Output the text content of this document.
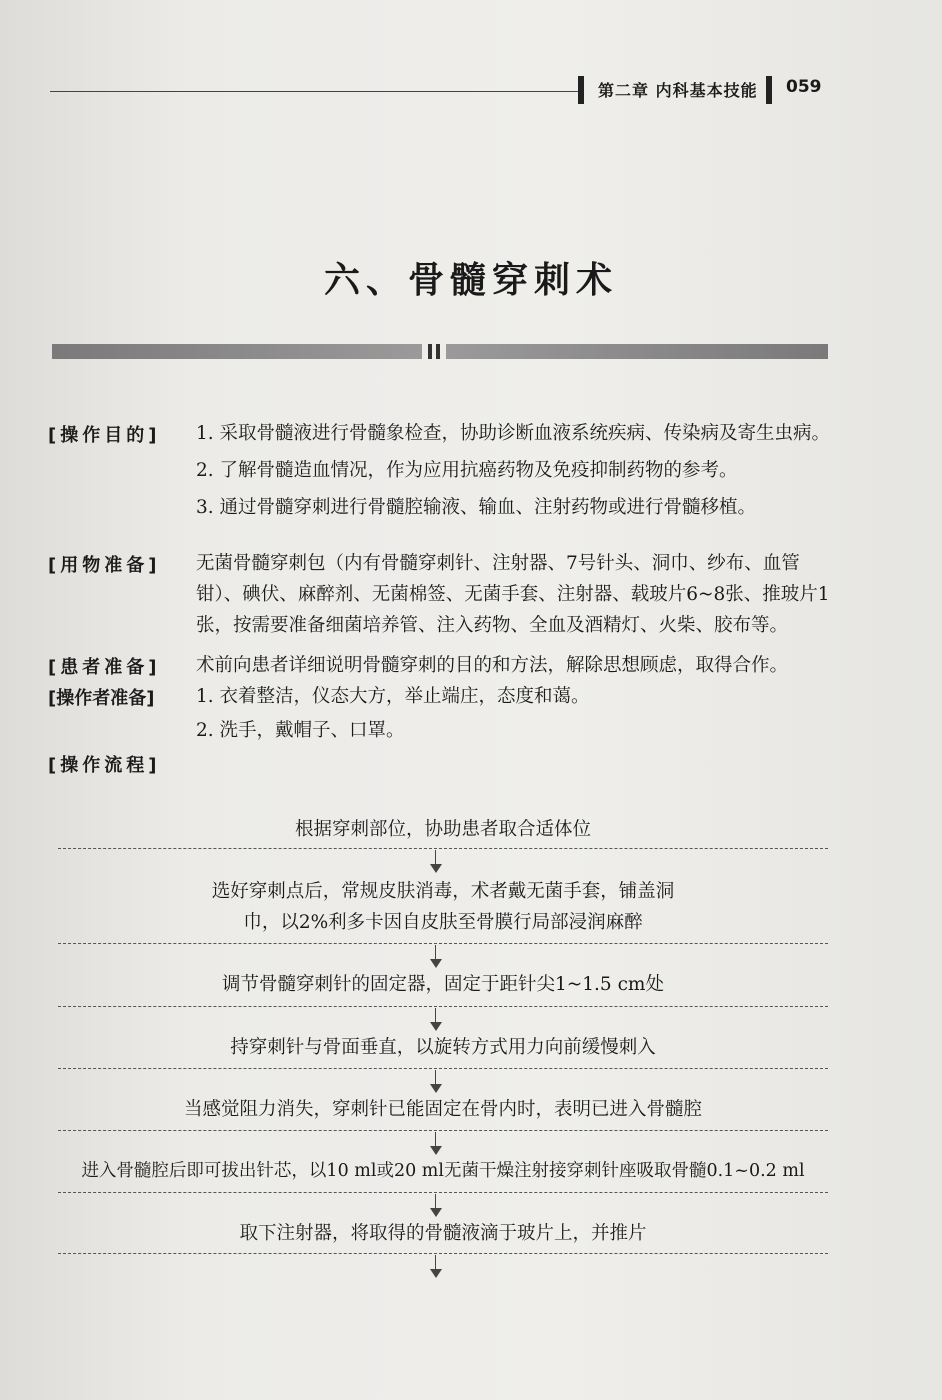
第二章 内科基本技能 059
六、骨髓穿刺术
[操作目的] 1. 采取骨髓液进行骨髓象检查，协助诊断血液系统疾病、传染病及寄生虫病。

2. 了解骨髓造血情况，作为应用抗癌药物及免疫抑制药物的参考。

3. 通过骨髓穿刺进行骨髓腔输液、输血、注射药物或进行骨髓移植。

[用物准备] 无菌骨髓穿刺包（内有骨髓穿刺针、注射器、7号针头、洞巾、纱布、血管钳）、碘伏、麻醉剂、无菌棉签、无菌手套、注射器、载玻片6~8张、推玻片1张，按需要准备细菌培养管、注入药物、全血及酒精灯、火柴、胶布等。
[患者准备] 术前向患者详细说明骨髓穿刺的目的和方法，解除思想顾虑，取得合作。
[操作者准备] 1. 衣着整洁，仪态大方，举止端庄，态度和蔼。

2. 洗手，戴帽子、口罩。

[操作流程]
根据穿刺部位，协助患者取合适体位
选好穿刺点后，常规皮肤消毒，术者戴无菌手套，铺盖洞巾，以2%利多卡因自皮肤至骨膜行局部浸润麻醉
调节骨髓穿刺针的固定器，固定于距针尖1~1.5 cm处
持穿刺针与骨面垂直，以旋转方式用力向前缓慢刺入
当感觉阻力消失，穿刺针已能固定在骨内时，表明已进入骨髓腔
进入骨髓腔后即可拔出针芯，以10 ml或20 ml无菌干燥注射接穿刺针座吸取骨髓0.1~0.2 ml
取下注射器，将取得的骨髓液滴于玻片上，并推片
